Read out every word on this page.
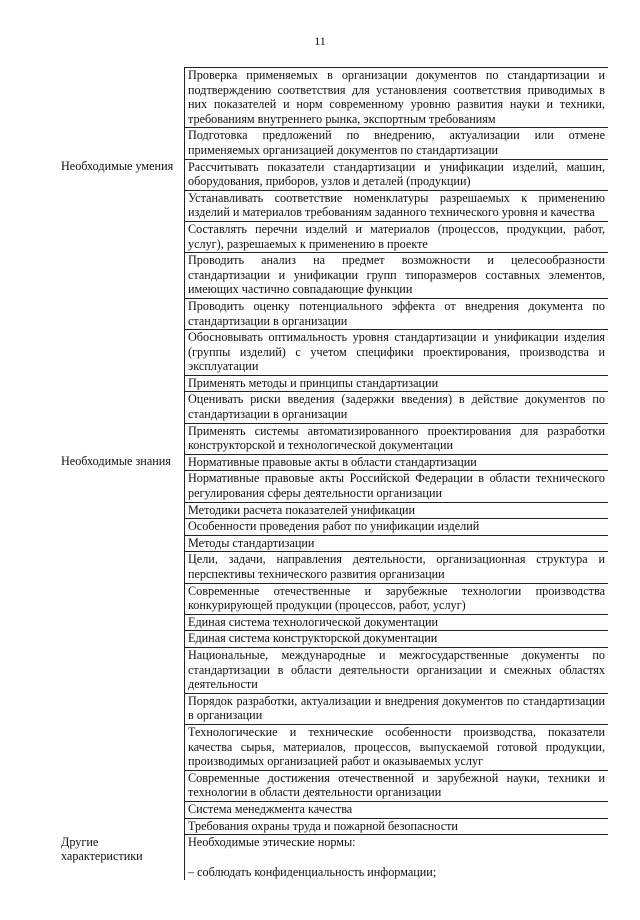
11
	Проверка применяемых в организации документов по стандартизации и подтверждению соответствия для установления соответствия приводимых в них показателей и норм современному уровню развития науки и техники, требованиям внутреннего рынка, экспортным требованиям
	Подготовка предложений по внедрению, актуализации или отмене применяемых организацией документов по стандартизации
Необходимые умения	Рассчитывать показатели стандартизации и унификации изделий, машин, оборудования, приборов, узлов и деталей (продукции)
	Устанавливать соответствие номенклатуры разрешаемых к применению изделий и материалов требованиям заданного технического уровня и качества
	Составлять перечни изделий и материалов (процессов, продукции, работ, услуг), разрешаемых к применению в проекте
	Проводить анализ на предмет возможности и целесообразности стандартизации и унификации групп типоразмеров составных элементов, имеющих частично совпадающие функции
	Проводить оценку потенциального эффекта от внедрения документа по стандартизации в организации
	Обосновывать оптимальность уровня стандартизации и унификации изделия (группы изделий) с учетом специфики проектирования, производства и эксплуатации
	Применять методы и принципы стандартизации
	Оценивать риски введения (задержки введения) в действие документов по стандартизации в организации
	Применять системы автоматизированного проектирования для разработки конструкторской и технологической документации
Необходимые знания	Нормативные правовые акты в области стандартизации
	Нормативные правовые акты Российской Федерации в области технического регулирования сферы деятельности организации
	Методики расчета показателей унификации
	Особенности проведения работ по унификации изделий
	Методы стандартизации
	Цели, задачи, направления деятельности, организационная структура и перспективы технического развития организации
	Современные отечественные и зарубежные технологии производства конкурирующей продукции (процессов, работ, услуг)
	Единая система технологической документации
	Единая система конструкторской документации
	Национальные, международные и межгосударственные документы по стандартизации в области деятельности организации и смежных областях деятельности
	Порядок разработки, актуализации и внедрения документов по стандартизации в организации
	Технологические и технические особенности производства, показатели качества сырья, материалов, процессов, выпускаемой готовой продукции, производимых организацией работ и оказываемых услуг
	Современные достижения отечественной и зарубежной науки, техники и технологии в области деятельности организации
	Система менеджмента качества
	Требования охраны труда и пожарной безопасности
Другие характеристики	Необходимые этические нормы:
	– соблюдать конфиденциальность информации;
